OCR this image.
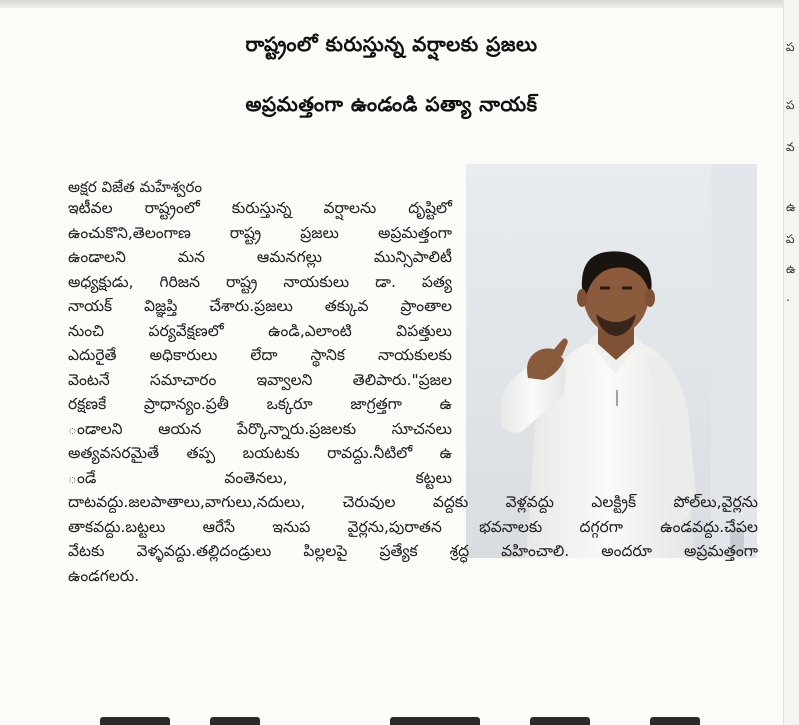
ప
ప
వ
ఉ
ప
ఉ
.
రాష్ట్రంలో కురుస్తున్న వర్షాలకు ప్రజలు
అప్రమత్తంగా ఉండండి పత్యా నాయక్
అక్షర విజేత మహేశ్వరం

ఇటీవల రాష్ట్రంలో కురుస్తున్న వర్షాలను దృష్టిలో

ఉంచుకొని,తెలంగాణ రాష్ట్ర ప్రజలు అప్రమత్తంగా

ఉండాలని మన ఆమనగల్లు మున్సిపాలిటీ

అధ్యక్షుడు, గిరిజన రాష్ట్ర నాయకులు డా. పత్య

నాయక్ విజ్ఞప్తి చేశారు.ప్రజలు తక్కువ ప్రాంతాల

నుంచి పర్యవేక్షణలో ఉండి,ఎలాంటి విపత్తులు

ఎదురైతే అధికారులు లేదా స్థానిక నాయకులకు

వెంటనే సమాచారం ఇవ్వాలని తెలిపారు."ప్రజల

రక్షణకే ప్రాధాన్యం.ప్రతీ ఒక్కరూ జాగ్రత్తగా ఉ

ండాలని ఆయన పేర్కొన్నారు.ప్రజలకు సూచనలు

అత్యవసరమైతే తప్ప బయటకు రావద్దు.నీటిలో ఉ

ండే వంతెనలు, కట్టలు

దాటవద్దు.జలపాతాలు,వాగులు,నదులు, చెరువుల వద్దకు వెళ్లవద్దు ఎలక్ట్రిక్ పోల్‌లు,వైర్లను

తాకవద్దు.బట్టలు ఆరేసే ఇనుప వైర్లను,పురాతన భవనాలకు దగ్గరగా ఉండవద్దు.చేపల

వేటకు వెళ్ళవద్దు.తల్లిదండ్రులు పిల్లలపై ప్రత్యేక శ్రద్ధ వహించాలి. అందరూ అప్రమత్తంగా

ఉండగలరు.
